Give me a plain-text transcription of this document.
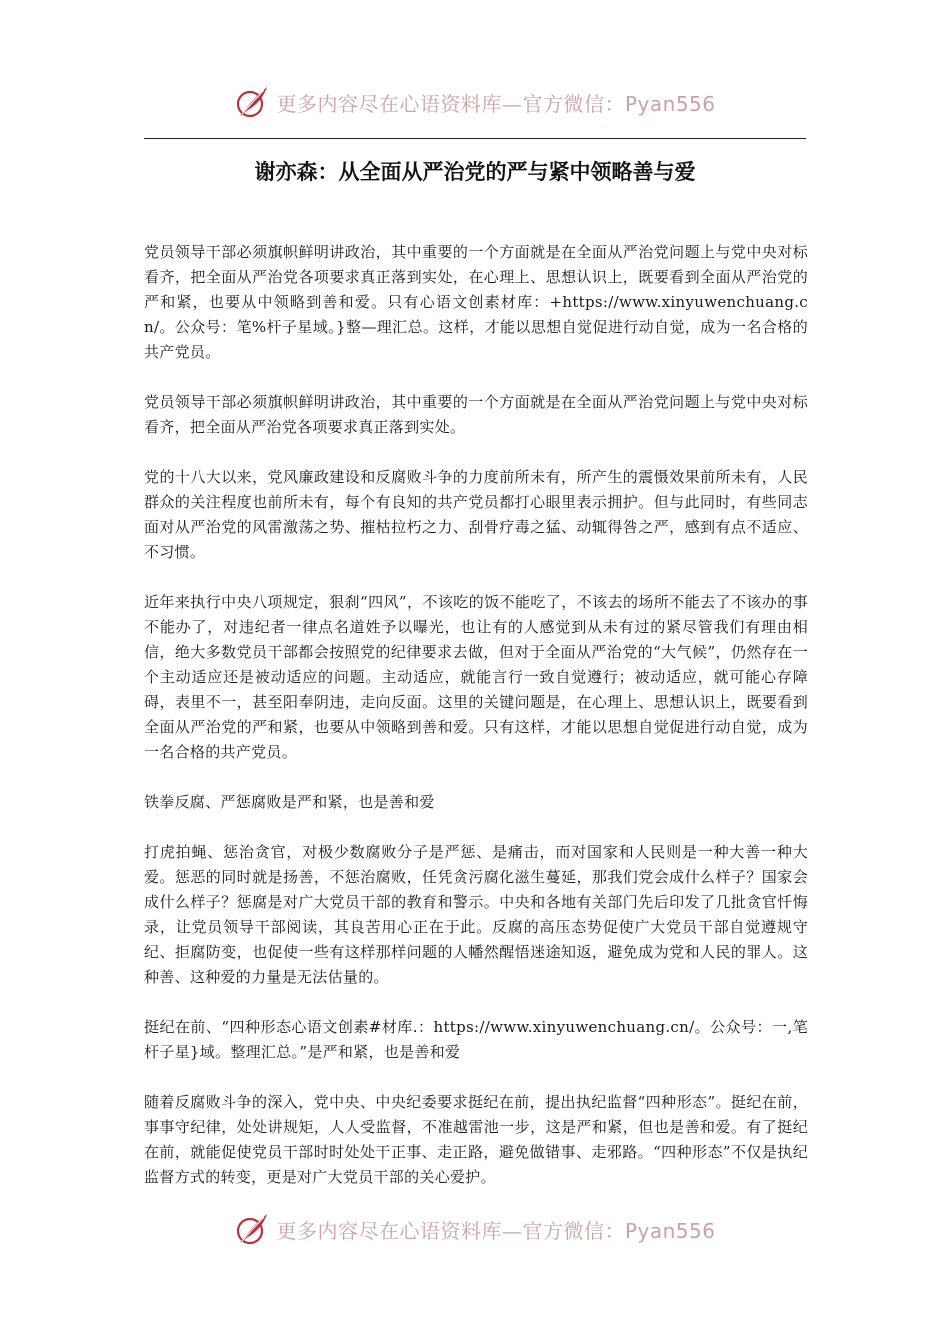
更多内容尽在心语资料库—官方微信：Pyan556
谢亦森：从全面从严治党的严与紧中领略善与爱

党员领导干部必须旗帜鲜明讲政治，其中重要的一个方面就是在全面从严治党问题上与党中央对标看齐，把全面从严治党各项要求真正落到实处，在心理上、思想认识上，既要看到全面从严治党的严和紧，也要从中领略到善和爱。只有心语文创素材库：+https://www.xinyuwenchuang.cn/。公众号：笔%杆子星域。}整—理汇总。这样，才能以思想自觉促进行动自觉，成为一名合格的共产党员。

党员领导干部必须旗帜鲜明讲政治，其中重要的一个方面就是在全面从严治党问题上与党中央对标看齐，把全面从严治党各项要求真正落到实处。

党的十八大以来，党风廉政建设和反腐败斗争的力度前所未有，所产生的震慑效果前所未有，人民群众的关注程度也前所未有，每个有良知的共产党员都打心眼里表示拥护。但与此同时，有些同志面对从严治党的风雷激荡之势、摧枯拉朽之力、刮骨疗毒之猛、动辄得咎之严，感到有点不适应、不习惯。

近年来执行中央八项规定，狠刹“四风”，不该吃的饭不能吃了，不该去的场所不能去了不该办的事不能办了，对违纪者一律点名道姓予以曝光，也让有的人感觉到从未有过的紧尽管我们有理由相信，绝大多数党员干部都会按照党的纪律要求去做，但对于全面从严治党的“大气候”，仍然存在一个主动适应还是被动适应的问题。主动适应，就能言行一致自觉遵行；被动适应，就可能心存障碍，表里不一，甚至阳奉阴违，走向反面。这里的关键问题是，在心理上、思想认识上，既要看到全面从严治党的严和紧，也要从中领略到善和爱。只有这样，才能以思想自觉促进行动自觉，成为一名合格的共产党员。

铁拳反腐、严惩腐败是严和紧，也是善和爱

打虎拍蝇、惩治贪官，对极少数腐败分子是严惩、是痛击，而对国家和人民则是一种大善一种大爱。惩恶的同时就是扬善，不惩治腐败，任凭贪污腐化滋生蔓延，那我们党会成什么样子？国家会成什么样子？惩腐是对广大党员干部的教育和警示。中央和各地有关部门先后印发了几批贪官忏悔录，让党员领导干部阅读，其良苦用心正在于此。反腐的高压态势促使广大党员干部自觉遵规守纪、拒腐防变，也促使一些有这样那样问题的人幡然醒悟迷途知返，避免成为党和人民的罪人。这种善、这种爱的力量是无法估量的。

挺纪在前、“四种形态心语文创素#材库.：https://www.xinyuwenchuang.cn/。公众号：一,笔杆子星}域。整理汇总。”是严和紧，也是善和爱

随着反腐败斗争的深入，党中央、中央纪委要求挺纪在前，提出执纪监督“四种形态”。挺纪在前，事事守纪律，处处讲规矩，人人受监督，不准越雷池一步，这是严和紧，但也是善和爱。有了挺纪在前，就能促使党员干部时时处处干正事、走正路，避免做错事、走邪路。“四种形态”不仅是执纪监督方式的转变，更是对广大党员干部的关心爱护。

更多内容尽在心语资料库—官方微信：Pyan556
